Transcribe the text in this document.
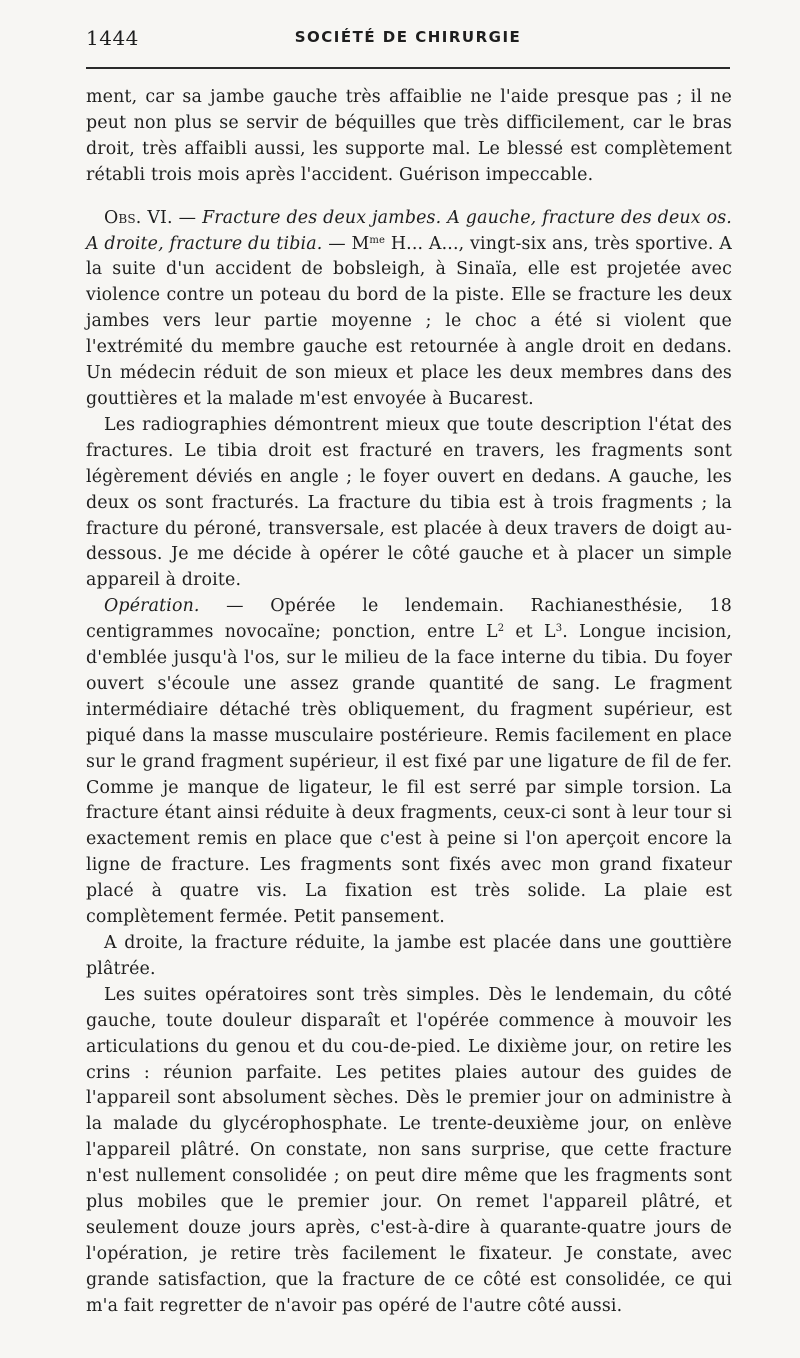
1444	SOCIÉTÉ DE CHIRURGIE

ment, car sa jambe gauche très affaiblie ne l'aide presque pas ; il ne peut non plus se servir de béquilles que très difficilement, car le bras droit, très affaibli aussi, les supporte mal. Le blessé est complètement rétabli trois mois après l'accident. Guérison impeccable.

Obs. VI. — Fracture des deux jambes. A gauche, fracture des deux os. A droite, fracture du tibia. — $M^{me}$ H... A..., vingt-six ans, très sportive. A la suite d'un accident de bobsleigh, à Sinaïa, elle est projetée avec violence contre un poteau du bord de la piste. Elle se fracture les deux jambes vers leur partie moyenne ; le choc a été si violent que l'extrémité du membre gauche est retournée à angle droit en dedans. Un médecin réduit de son mieux et place les deux membres dans des gouttières et la malade m'est envoyée à Bucarest.

Les radiographies démontrent mieux que toute description l'état des fractures. Le tibia droit est fracturé en travers, les fragments sont légèrement déviés en angle ; le foyer ouvert en dedans. A gauche, les deux os sont fracturés. La fracture du tibia est à trois fragments ; la fracture du péroné, transversale, est placée à deux travers de doigt au-dessous. Je me décide à opérer le côté gauche et à placer un simple appareil à droite.

Opération. — Opérée le lendemain. Rachianesthésie, 18 centigrammes novocaïne; ponction, entre $L^2$ et $L^3$. Longue incision, d'emblée jusqu'à l'os, sur le milieu de la face interne du tibia. Du foyer ouvert s'écoule une assez grande quantité de sang. Le fragment intermédiaire détaché très obliquement, du fragment supérieur, est piqué dans la masse musculaire postérieure. Remis facilement en place sur le grand fragment supérieur, il est fixé par une ligature de fil de fer. Comme je manque de ligateur, le fil est serré par simple torsion. La fracture étant ainsi réduite à deux fragments, ceux-ci sont à leur tour si exactement remis en place que c'est à peine si l'on aperçoit encore la ligne de fracture. Les fragments sont fixés avec mon grand fixateur placé à quatre vis. La fixation est très solide. La plaie est complètement fermée. Petit pansement.

A droite, la fracture réduite, la jambe est placée dans une gouttière plâtrée.

Les suites opératoires sont très simples. Dès le lendemain, du côté gauche, toute douleur disparaît et l'opérée commence à mouvoir les articulations du genou et du cou-de-pied. Le dixième jour, on retire les crins : réunion parfaite. Les petites plaies autour des guides de l'appareil sont absolument sèches. Dès le premier jour on administre à la malade du glycérophosphate. Le trente-deuxième jour, on enlève l'appareil plâtré. On constate, non sans surprise, que cette fracture n'est nullement consolidée ; on peut dire même que les fragments sont plus mobiles que le premier jour. On remet l'appareil plâtré, et seulement douze jours après, c'est-à-dire à quarante-quatre jours de l'opération, je retire très facilement le fixateur. Je constate, avec grande satisfaction, que la fracture de ce côté est consolidée, ce qui m'a fait regretter de n'avoir pas opéré de l'autre côté aussi.
